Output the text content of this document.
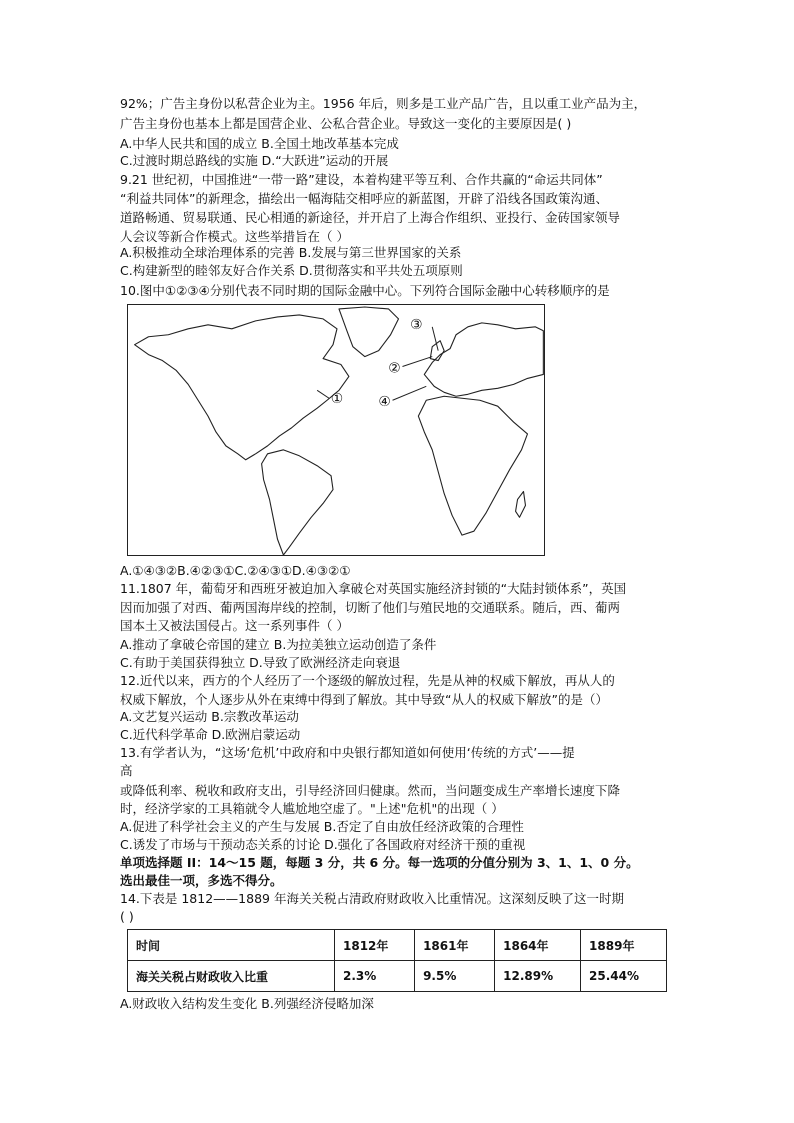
92%；广告主身份以私营企业为主。1956 年后，则多是工业产品广告，且以重工业产品为主，
广告主身份也基本上都是国营企业、公私合营企业。导致这一变化的主要原因是( )
A.中华人民共和国的成立 B.全国土地改革基本完成
C.过渡时期总路线的实施 D.“大跃进”运动的开展
9.21 世纪初，中国推进“一带一路”建设，本着构建平等互利、合作共赢的“命运共同体”
“利益共同体”的新理念，描绘出一幅海陆交相呼应的新蓝图，开辟了沿线各国政策沟通、
道路畅通、贸易联通、民心相通的新途径，并开启了上海合作组织、亚投行、金砖国家领导
人会议等新合作模式。这些举措旨在（ ）
A.积极推动全球治理体系的完善 B.发展与第三世界国家的关系
C.构建新型的睦邻友好合作关系 D.贯彻落实和平共处五项原则
10.图中①②③④分别代表不同时期的国际金融中心。下列符合国际金融中心转移顺序的是
①
②
③
④
A.①④③②B.④②③①C.②④③①D.④③②①
11.1807 年，葡萄牙和西班牙被迫加入拿破仑对英国实施经济封锁的“大陆封锁体系”，英国
因而加强了对西、葡两国海岸线的控制，切断了他们与殖民地的交通联系。随后，西、葡两
国本土又被法国侵占。这一系列事件（ ）
A.推动了拿破仑帝国的建立 B.为拉美独立运动创造了条件
C.有助于美国获得独立 D.导致了欧洲经济走向衰退
12.近代以来，西方的个人经历了一个逐级的解放过程，先是从神的权威下解放，再从人的
权威下解放，个人逐步从外在束缚中得到了解放。其中导致“从人的权威下解放”的是（）
A.文艺复兴运动 B.宗教改革运动
C.近代科学革命 D.欧洲启蒙运动
13.有学者认为，“这场‘危机’中政府和中央银行都知道如何使用‘传统的方式’——提
高
或降低利率、税收和政府支出，引导经济回归健康。然而，当问题变成生产率增长速度下降
时，经济学家的工具箱就令人尴尬地空虚了。"上述"危机"的出现（ ）
A.促进了科学社会主义的产生与发展 B.否定了自由放任经济政策的合理性
C.诱发了市场与干预动态关系的讨论 D.强化了各国政府对经济干预的重视
单项选择题 II：14～15 题，每题 3 分，共 6 分。每一选项的分值分别为 3、1、1、0 分。
选出最佳一项，多选不得分。
14.下表是 1812——1889 年海关关税占清政府财政收入比重情况。这深刻反映了这一时期
( )
时间	1812年	1861年	1864年	1889年
海关关税占财政收入比重	2.3%	9.5%	12.89%	25.44%
A.财政收入结构发生变化 B.列强经济侵略加深
